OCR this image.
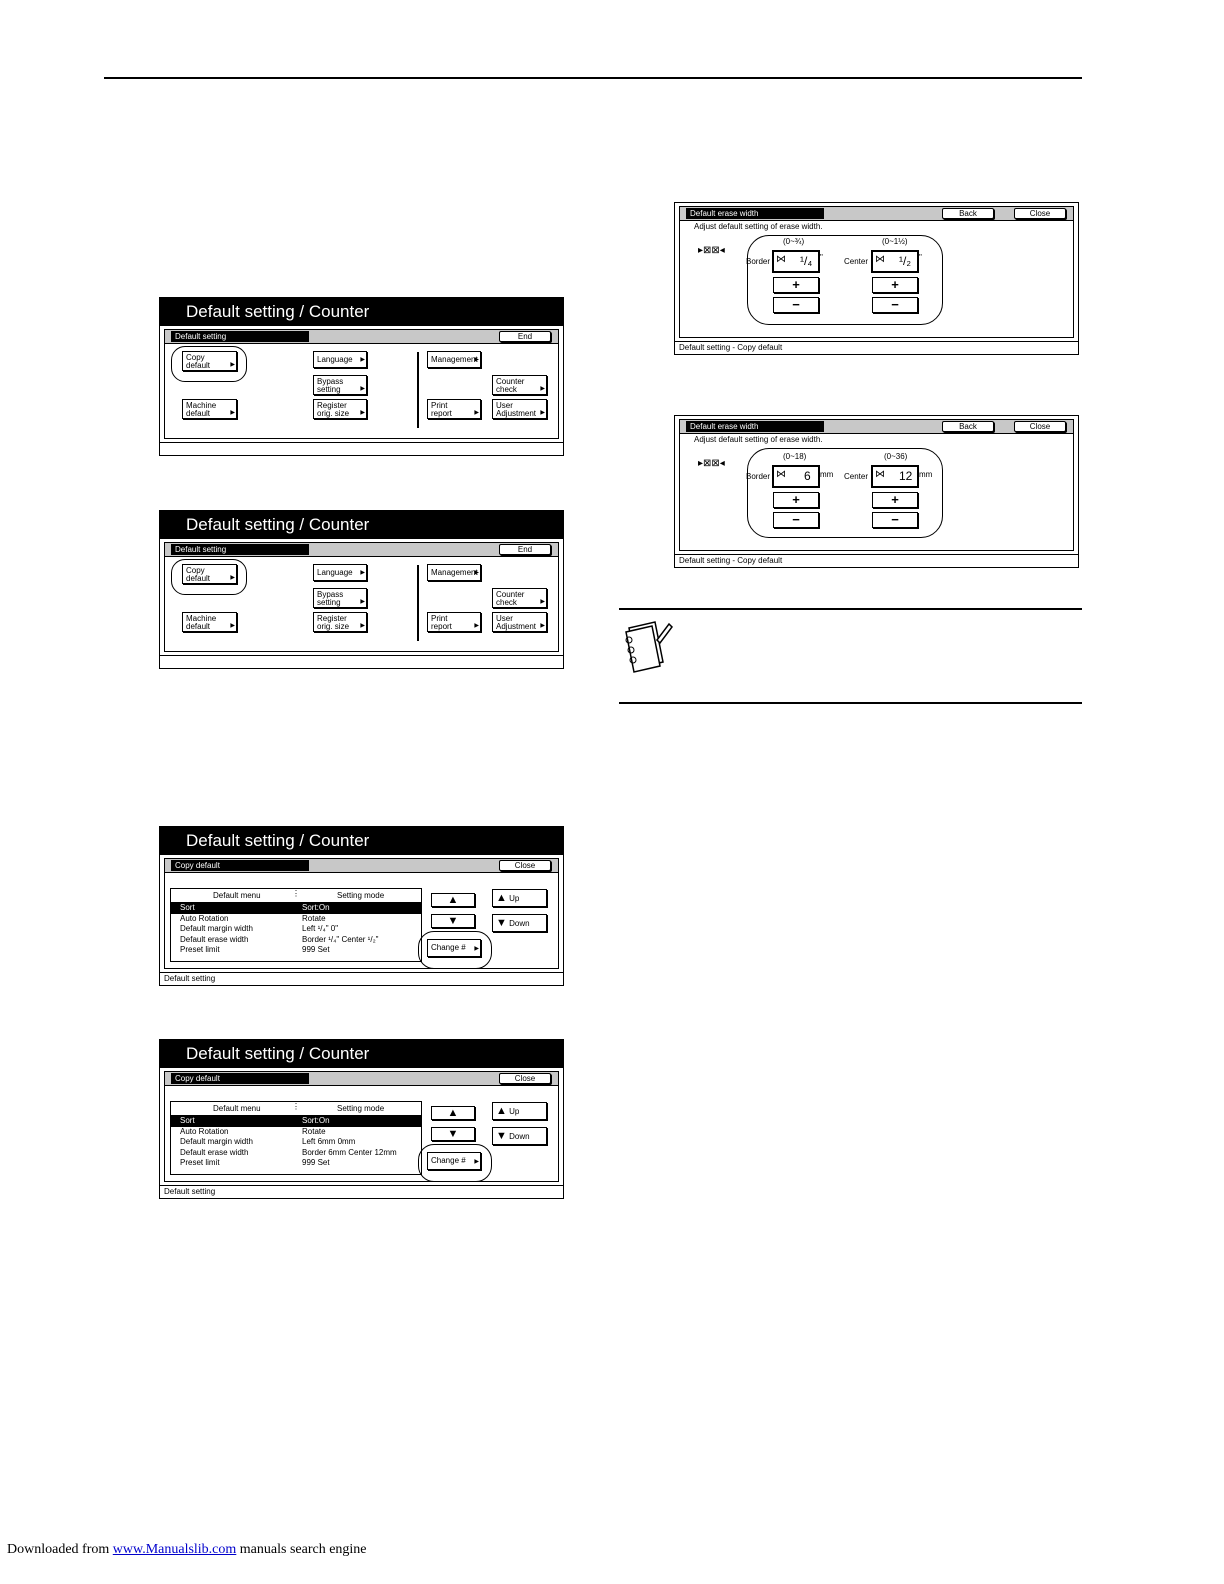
Default setting / Counter
Default setting	End
Copy
default
▶
Language ▶
Bypass
setting
▶
Machine
default
▶
Register
orig. size
▶
Management ▶
Counter
check
▶
Print
report
▶
User
Adjustment
▶
Default setting / Counter
Default setting	End
Copy
default
▶
Language ▶
Bypass
setting
▶
Machine
default
▶
Register
orig. size
▶
Management ▶
Counter
check
▶
Print
report
▶
User
Adjustment
▶
Default setting / Counter
Copy default	Close
Default menu	⋮	Setting mode
Sort	Sort:On
Auto Rotation	Rotate
Default margin width	Left ¹/₄" 0"
Default erase width	Border ¹/₄" Center ¹/₂"
Preset limit	999 Set
▲
▼
▲ Up
▼ Down
Change # ▶
Default setting
Default setting / Counter
Copy default	Close
Default menu	⋮	Setting mode
Sort	Sort:On
Auto Rotation	Rotate
Default margin width	Left 6mm 0mm
Default erase width	Border 6mm Center 12mm
Preset limit	999 Set
▲
▼
▲ Up
▼ Down
Change # ▶
Default setting
Default erase width	Back	Close
Adjust default setting of erase width.
▸⊠⊠◂
(0~¾)	(0~1½)
Border ⋈ ¹/₄ "	Center ⋈ ¹/₂ "
+
−
+
−
Default setting - Copy default
Default erase width	Back	Close
Adjust default setting of erase width.
▸⊠⊠◂
(0~18)	(0~36)
Border ⋈ 6 mm Center ⋈ 12 mm
+
−
+
−
Default setting - Copy default
Downloaded from www.Manualslib.com manuals search engine
